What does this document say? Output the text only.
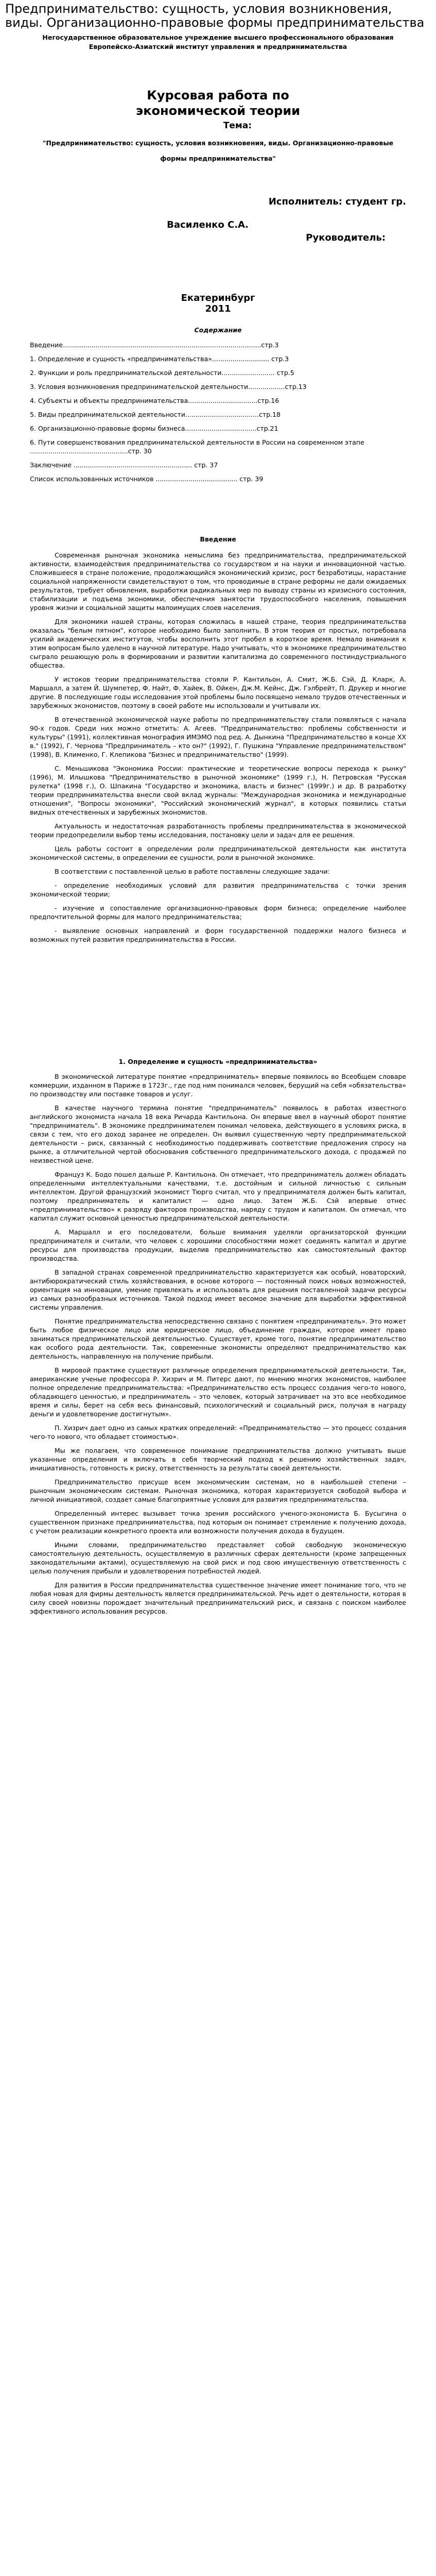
Предпринимательство: сущность, условия возникновения, виды. Организационно-правовые формы предпринимательства
Негосударственное образовательное учреждение высшего профессионального образования
Европейско-Азиатский институт управления и предпринимательства
Курсовая работа по экономической теории
Тема:
"Предпринимательство: сущность, условия возникновения, виды. Организационно-правовые формы предпринимательства"
Исполнитель: студент гр.
Василенко С.А.
Руководитель:
Екатеринбург
2011
Содержание
Введение.................................................................................................стр.3
1. Определение и сущность «предпринимательства»............................ стр.3
2. Функции и роль предпринимательской деятельности.......................... стр.5
3. Условия возникновения предпринимательской деятельности..................стр.13
4. Субъекты и объекты предпринимательства..................................стр.16
5. Виды предпринимательской деятельности....................................стр.18
6. Организационно-правовые формы бизнеса...................................стр.21
6. Пути совершенствования предпринимательской деятельности в России на современном этапе ................................................стр. 30
Заключение .......................................................... стр. 37
Список использованных источников ........................................ стр. 39
Введение

Современная рыночная экономика немыслима без предпринимательства, предпринимательской активности, взаимодействия предпринимательства со государством и на науки и инновационной частью. Сложившееся в стране положение, продолжающийся экономический кризис, рост безработицы, нарастание социальной напряженности свидетельствуют о том, что проводимые в стране реформы не дали ожидаемых результатов, требует обновления, выработки радикальных мер по выводу страны из кризисного состояния, стабилизации и подъема экономики, обеспечения занятости трудоспособного населения, повышения уровня жизни и социальной защиты малоимущих слоев населения.

Для экономики нашей страны, которая сложилась в нашей стране, теория предпринимательства оказалась "белым пятном", которое необходимо было заполнить. В этом теория от простых, потребовала усилий академических институтов, чтобы восполнить этот пробел в короткое время. Немало внимания к этим вопросам было уделено в научной литературе. Надо учитывать, что в экономике предпринимательство сыграло решающую роль в формировании и развитии капитализма до современного постиндустриального общества.

У истоков теории предпринимательства стояли Р. Кантильон, А. Смит, Ж.Б. Сэй, Д. Кларк, А. Маршалл, а затем Й. Шумпетер, Ф. Найт, Ф. Хайек, В. Ойкен, Дж.М. Кейнс, Дж. Гэлбрейт, П. Друкер и многие другие. В последующие годы исследования этой проблемы было посвящено немало трудов отечественных и зарубежных экономистов, поэтому в своей работе мы использовали и учитывали их.

В отечественной экономической науке работы по предпринимательству стали появляться с начала 90-х годов. Среди них можно отметить: А. Агеев. "Предпринимательство: проблемы собственности и культуры" (1991), коллективная монография ИМЭМО под ред. А. Дынкина "Предпринимательство в конце XX в." (1992), Г. Чернова "Предприниматель – кто он?" (1992), Г. Пушкина "Управление предпринимательством" (1998), В. Клименко, Г. Клепикова "Бизнес и предпринимательство" (1999).

С. Меньшикова "Экономика России: практические и теоретические вопросы перехода к рынку" (1996), М. Илышкова "Предпринимательство в рыночной экономике" (1999 г.), Н. Петровская "Русская рулетка" (1998 г.), О. Шпакина "Государство и экономика, власть и бизнес" (1999г.) и др. В разработку теории предпринимательства внесли свой вклад журналы: "Международная экономика и международные отношения", "Вопросы экономики", "Российский экономический журнал", в которых появились статьи видных отечественных и зарубежных экономистов.

Актуальность и недостаточная разработанность проблемы предпринимательства в экономической теории предопределили выбор темы исследования, постановку цели и задач для ее решения.

Цель работы состоит в определении роли предпринимательской деятельности как института экономической системы, в определении ее сущности, роли в рыночной экономике.

В соответствии с поставленной целью в работе поставлены следующие задачи:

- определение необходимых условий для развития предпринимательства с точки зрения экономической теории;

- изучение и сопоставление организационно-правовых форм бизнеса; определение наиболее предпочтительной формы для малого предпринимательства;

- выявление основных направлений и форм государственной поддержки малого бизнеса и возможных путей развития предпринимательства в России.

1. Определение и сущность «предпринимательства»

В экономической литературе понятие «предприниматель» впервые появилось во Всеобщем словаре коммерции, изданном в Париже в 1723г., где под ним понимался человек, берущий на себя «обязательства» по производству или поставке товаров и услуг.

В качестве научного термина понятие "предприниматель" появилось в работах известного английского экономиста начала 18 века Ричарда Кантильона. Он впервые ввел в научный оборот понятие "предприниматель". В экономике предпринимателем понимал человека, действующего в условиях риска, в связи с тем, что его доход заранее не определен. Он выявил существенную черту предпринимательской деятельности – риск, связанный с необходимостью поддерживать соответствие предложения спросу на рынке, а отличительной чертой обоснования собственного предпринимательского дохода, с продажей по неизвестной цене.

Француз К. Бодо пошел дальше Р. Кантильона. Он отмечает, что предприниматель должен обладать определенными интеллектуальными качествами, т.е. достойным и сильной личностью с сильным интеллектом. Другой французский экономист Тюрго считал, что у предпринимателя должен быть капитал, поэтому предприниматель и капиталист — одно лицо. Затем Ж.Б. Сэй впервые отнес «предпринимательство» к разряду факторов производства, наряду с трудом и капиталом. Он отмечал, что капитал служит основной ценностью предпринимательской деятельности.

А. Маршалл и его последователи, больше внимания уделяли организаторской функции предпринимателя и считали, что человек с хорошими способностями может соединять капитал и другие ресурсы для производства продукции, выделив предпринимательство как самостоятельный фактор производства.

В западной странах современной предпринимательство характеризуется как особый, новаторский, антибюрократический стиль хозяйствования, в основе которого — постоянный поиск новых возможностей, ориентация на инновации, умение привлекать и использовать для решения поставленной задачи ресурсы из самых разнообразных источников. Такой подход имеет весомое значение для выработки эффективной системы управления.

Понятие предпринимательства непосредственно связано с понятием «предприниматель». Это может быть любое физическое лицо или юридическое лицо, объединение граждан, которое имеет право заниматься предпринимательской деятельностью. Существует, кроме того, понятие предпринимательство как особого рода деятельности. Так, современные экономисты определяют предпринимательство как деятельность, направленную на получение прибыли.

В мировой практике существуют различные определения предпринимательской деятельности. Так, американские ученые профессора Р. Хизрич и М. Питерс дают, по мнению многих экономистов, наиболее полное определение предпринимательства: «Предпринимательство есть процесс создания чего-то нового, обладающего ценностью, и предприниматель – это человек, который затрачивает на это все необходимое время и силы, берет на себя весь финансовый, психологический и социальный риск, получая в награду деньги и удовлетворение достигнутым».

П. Хизрич дает одно из самых кратких определений: «Предпринимательство — это процесс создания чего-то нового, что обладает стоимостью».

Мы же полагаем, что современное понимание предпринимательства должно учитывать выше указанные определения и включать в себя творческий подход к решению хозяйственных задач, инициативность, готовность к риску, ответственность за результаты своей деятельности.

Предпринимательство присуще всем экономическим системам, но в наибольшей степени – рыночным экономическим системам. Рыночная экономика, которая характеризуется свободой выбора и личной инициативой, создает самые благоприятные условия для развития предпринимательства.

Определенный интерес вызывает точка зрения российского ученого-экономиста Б. Бусыгина о существенном признаке предпринимательства, под которым он понимает стремление к получению дохода, с учетом реализации конкретного проекта или возможности получения дохода в будущем.

Иными словами, предпринимательство представляет собой свободную экономическую самостоятельную деятельность, осуществляемую в различных сферах деятельности (кроме запрещенных законодательными актами), осуществляемую на свой риск и под свою имущественную ответственность с целью получения прибыли и удовлетворения потребностей людей.

Для развития в России предпринимательства существенное значение имеет понимание того, что не любая новая для фирмы деятельность является предпринимательской. Речь идет о деятельности, которая в силу своей новизны порождает значительный предпринимательский риск, и связана с поиском наиболее эффективного использования ресурсов.
